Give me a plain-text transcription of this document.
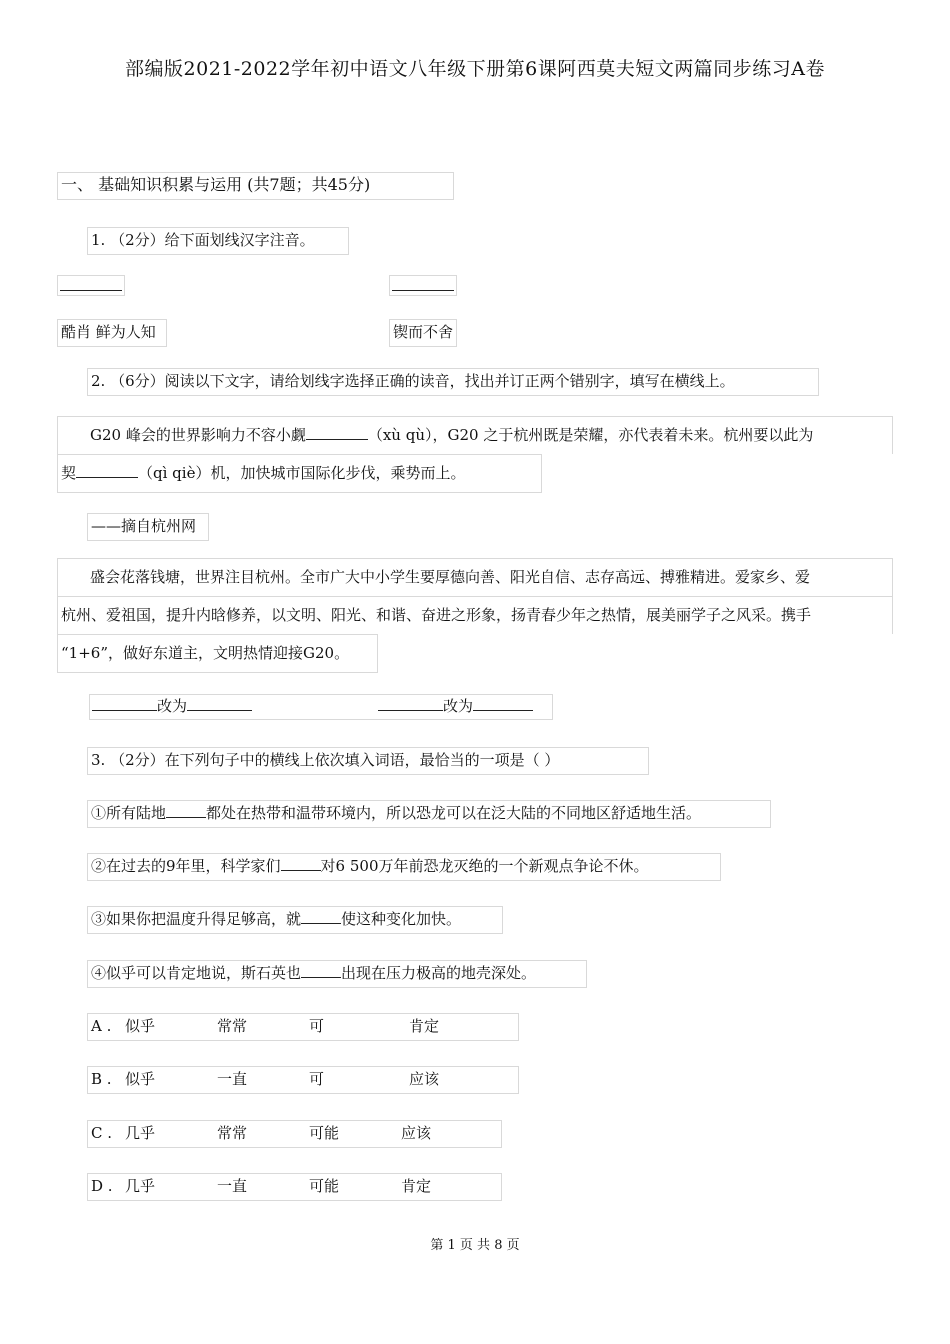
部编版2021-2022学年初中语文八年级下册第6课阿西莫夫短文两篇同步练习A卷
一、 基础知识积累与运用 (共7题；共45分)
1. （2分）给下面划线汉字注音。
酷肖 鲜为人知	锲而不舍
2. （6分）阅读以下文字，请给划线字选择正确的读音，找出并订正两个错别字，填写在横线上。
G20 峰会的世界影响力不容小觑	（xù qù），G20 之于杭州既是荣耀，亦代表着未来。杭州要以此为
契	（qì qiè）机，加快城市国际化步伐，乘势而上。
——摘自杭州网
盛会花落钱塘，世界注目杭州。全市广大中小学生要厚德向善、阳光自信、志存高远、搏雅精进。爱家乡、爱
杭州、爱祖国，提升内晗修养，以文明、阳光、和谐、奋进之形象，扬青春少年之热情，展美丽学子之风采。携手
“1+6”，做好东道主，文明热情迎接G20。
改为	改为
3. （2分）在下列句子中的横线上依次填入词语，最恰当的一项是（ ）
①所有陆地	都处在热带和温带环境内，所以恐龙可以在泛大陆的不同地区舒适地生活。
②在过去的9年里，科学家们	对6 500万年前恐龙灭绝的一个新观点争论不休。
③如果你把温度升得足够高，就	使这种变化加快。
④似乎可以肯定地说，斯石英也	出现在压力极高的地壳深处。
A . 似乎	常常	可	肯定
B . 似乎	一直	可	应该
C . 几乎	常常	可能	应该
D . 几乎	一直	可能	肯定
第 1 页 共 8 页
